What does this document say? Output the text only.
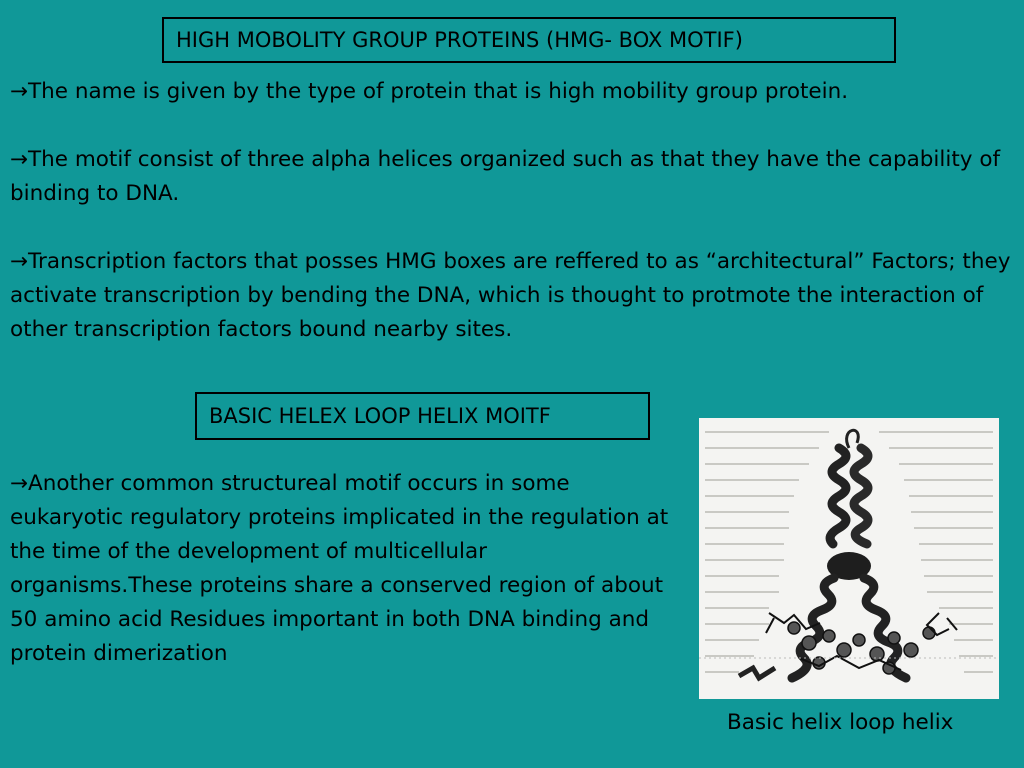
HIGH MOBOLITY GROUP PROTEINS (HMG- BOX MOTIF)

→The name is given by the type of protein that is high mobility group protein.

→The motif consist of three alpha helices organized such as that they have the capability of binding to DNA.

→Transcription factors that posses HMG boxes are reffered to as “architectural” Factors; they activate transcription by bending the DNA, which is thought to protmote the interaction of other transcription factors bound nearby sites.

BASIC HELEX LOOP HELIX MOITF

→Another common structureal motif occurs in some eukaryotic regulatory proteins implicated in the regulation at the time of the development of multicellular organisms.These proteins share a conserved region of about 50 amino acid Residues important in both DNA binding and protein dimerization

Basic helix loop helix
